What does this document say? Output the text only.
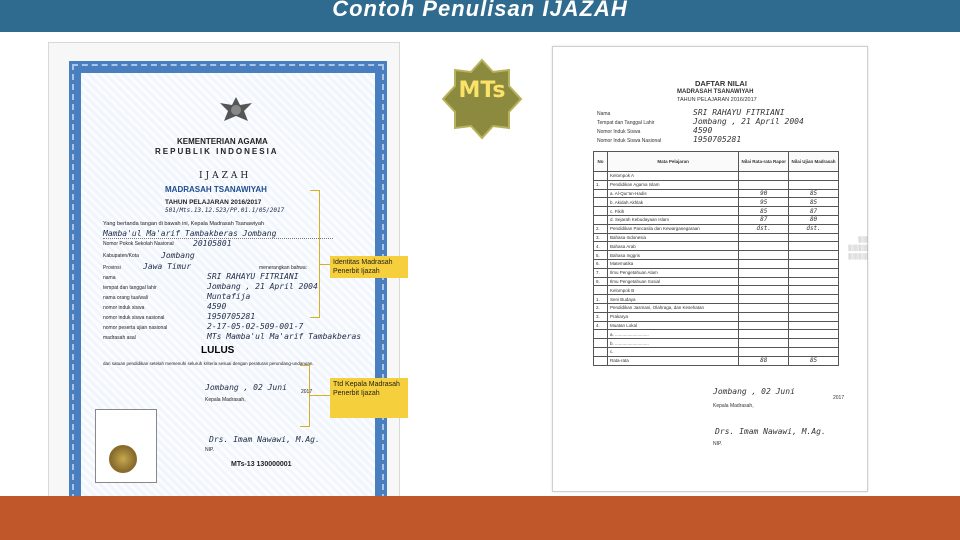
Contoh Penulisan IJAZAH
KEMENTERIAN AGAMA
REPUBLIK INDONESIA
IJAZAH
MADRASAH TSANAWIYAH
TAHUN PELAJARAN 2016/2017
501/Mts.13.12.523/PP.01.1/05/2017
Yang bertanda tangan di bawah ini, Kepala Madrasah Tsanawiyah
Mamba'ul Ma'arif Tambakberas Jombang
Nomor Pokok Sekolah Nasional 20105801
Kabupaten/Kota	Jombang
Provinsi	Jawa Timur	menerangkan bahwa:
nama	SRI RAHAYU FITRIANI
tempat dan tanggal lahir	Jombang , 21 April 2004
nama orang tua/wali	Muntafija
nomor induk siswa	4590
nomor induk siswa nasional	1950705281
nomor peserta ujian nasional	2-17-05-02-509-001-7
madrasah asal	MTs Mamba'ul Ma'arif Tambakberas
LULUS
dari satuan pendidikan setelah memenuhi seluruh kriteria sesuai dengan peraturan perundang-undangan.
Jombang , 02 Juni	2017
Kepala Madrasah,
Drs. Imam Nawawi, M.Ag.
NIP.
MTs-13 130000001
MTs
Identitas Madrasah Penerbit Ijazah
Ttd Kepala Madrasah Penerbit Ijazah
DAFTAR NILAI
MADRASAH TSANAWIYAH
TAHUN PELAJARAN 2016/2017
Nama	SRI RAHAYU FITRIANI
Tempat dan Tanggal Lahir	Jombang , 21 April 2004
Nomor Induk Siswa	4590
Nomor Induk Siswa Nasional	1950705281
No	Mata Pelajaran	Nilai Rata-rata Rapor	Nilai Ujian Madrasah
	Kelompok A		
1.	Pendidikan Agama Islam		
	a. Al-Qur'an-Hadis	90	85
	b. Akidah Akhlak	95	85
	c. Fikih	85	87
	d. Sejarah Kebudayaan Islam	87	80
2.	Pendidikan Pancasila dan Kewarganegaraan	dst.	dst.
3.	Bahasa Indonesia		
4.	Bahasa Arab		
5.	Bahasa Inggris		
6.	Matematika		
7.	Ilmu Pengetahuan Alam		
8.	Ilmu Pengetahuan Sosial		
	Kelompok B		
1.	Seni Budaya		
2.	Pendidikan Jasmani, Olahraga, dan Kesehatan		
3.	Prakarya		
4.	Muatan Lokal		
	a. ...........................		
	b. ...........................		
	c.		
	Rata-rata	88	85
Jombang , 02 Juni
2017
Kepala Madrasah,
Drs. Imam Nawawi, M.Ag.
NIP.
▒▒ ▒▒▒
